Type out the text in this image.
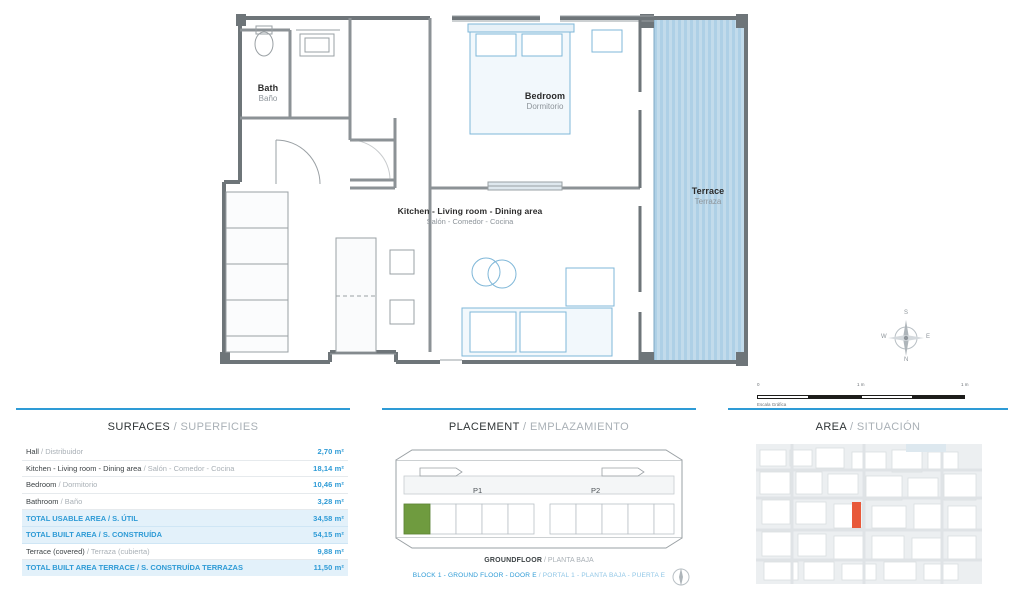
Bath
Baño	Bedroom
Dormitorio
Terrace
Terraza
Kitchen - Living room - Dining area
Salón - Comedor - Cocina
N
S
E
W
0	1 m	1 m
Escala Gráfica
SURFACES / SUPERFICIES
Hall / Distribuidor	2,70 m²
Kitchen - Living room - Dining area / Salón - Comedor - Cocina	18,14 m²
Bedroom / Dormitorio	10,46 m²
Bathroom / Baño	3,28 m²
TOTAL USABLE AREA / S. ÚTIL	34,58 m²
TOTAL BUILT AREA / S. CONSTRUÍDA	54,15 m²
Terrace (covered) / Terraza (cubierta)	9,88 m²
TOTAL BUILT AREA TERRACE / S. CONSTRUÍDA TERRAZAS	11,50 m²
PLACEMENT / EMPLAZAMIENTO
P1	P2
GROUNDFLOOR / PLANTA BAJA
BLOCK 1 - GROUND FLOOR - DOOR E / PORTAL 1 - PLANTA BAJA - PUERTA E
AREA / SITUACIÓN
